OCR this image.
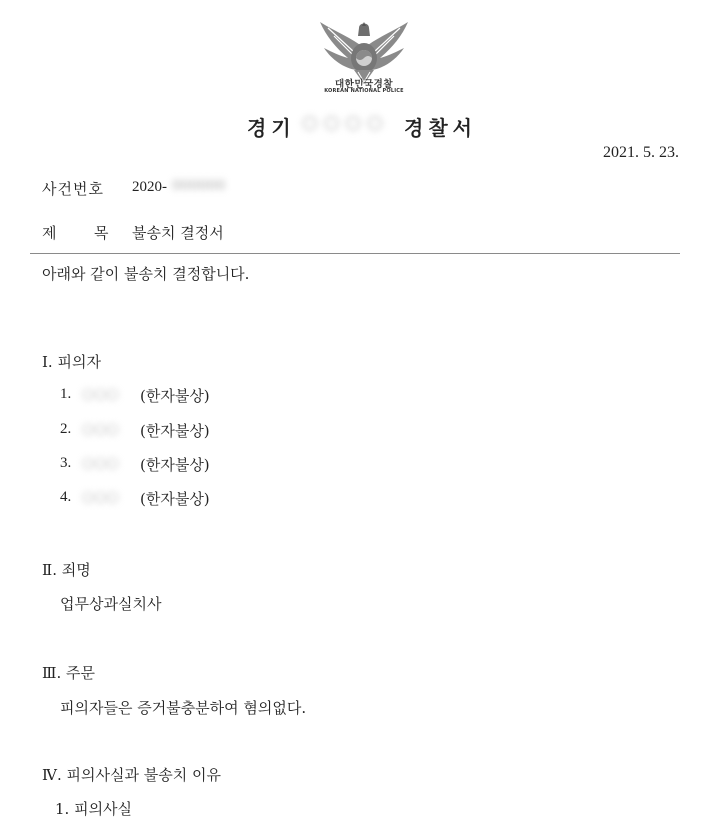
대한민국경찰
KOREAN NATIONAL POLICE
경기 ○○○○ 경찰서
2021. 5. 23.
사건번호 2020- 000000
제	목 불송치 결정서
아래와 같이 불송치 결정합니다.
Ⅰ. 피의자
1. ○○○ (한자불상)
2. ○○○ (한자불상)
3. ○○○ (한자불상)
4. ○○○ (한자불상)
Ⅱ. 죄명
업무상과실치사
Ⅲ. 주문
피의자들은 증거불충분하여 혐의없다.
Ⅳ. 피의사실과 불송치 이유
1. 피의사실
